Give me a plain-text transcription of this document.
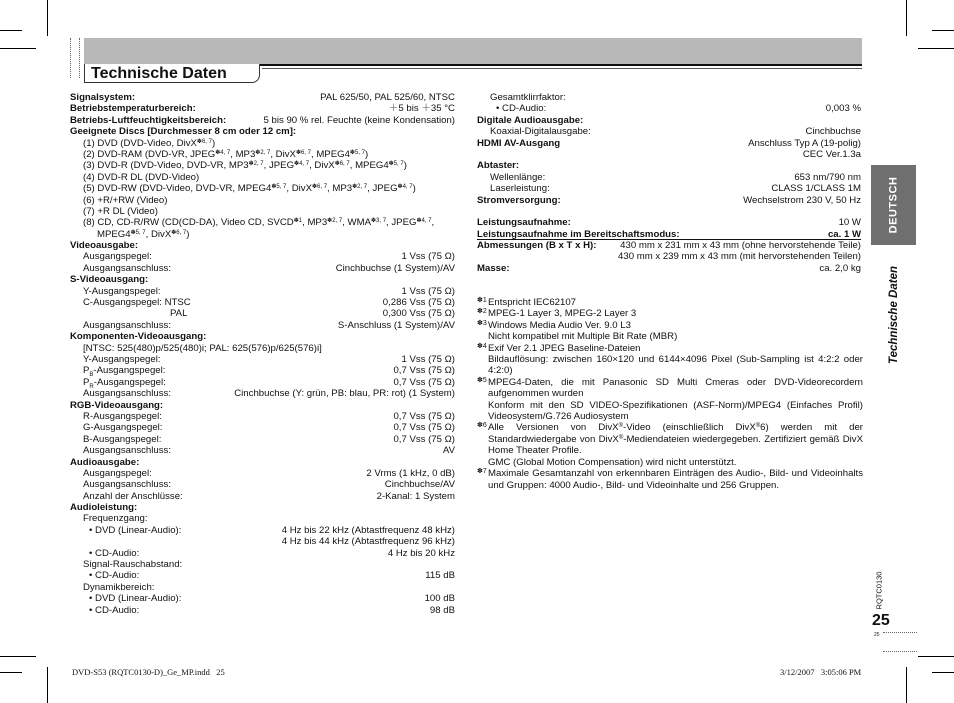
Technische Daten
Signalsystem:	PAL 625/50, PAL 525/60, NTSC
Betriebstemperaturbereich:	＋5 bis ＋35 °C
Betriebs-Luftfeuchtigkeitsbereich:	5 bis 90 % rel. Feuchte (keine Kondensation)
Geeignete Discs [Durchmesser 8 cm oder 12 cm]:
(1) DVD (DVD-Video, DivX$^{✽6, 7}$)
(2) DVD-RAM (DVD-VR, $JPEG^{✽4, 7}$, $MP3^{✽2, 7}$, DivX$^{✽6, 7}$, $MPEG4^{✽5, 7}$)
(3) DVD-R (DVD-Video, DVD-VR, $MP3^{✽2, 7}$, $JPEG^{✽4, 7}$, DivX$^{✽6, 7}$, $MPEG4^{✽5, 7}$)
(4) DVD-R DL (DVD-Video)
(5) DVD-RW (DVD-Video, DVD-VR, $MPEG4^{✽5, 7}$, DivX$^{✽6, 7}$, $MP3^{✽2, 7}$, $JPEG^{✽4, 7}$)
(6) +R/+RW (Video)
(7) +R DL (Video)
(8) CD, CD-R/RW (CD(CD-DA), Video CD, $SVCD^{✽1}$, $MP3^{✽2, 7}$, $WMA^{✽3, 7}$, $JPEG^{✽4, 7}$,
$MPEG4^{✽5, 7}$, DivX$^{✽6, 7}$)
Videoausgabe:
Ausgangspegel:	1 Vss (75 Ω)
Ausgangsanschluss:	Cinchbuchse (1 System)/AV
S-Videoausgang:
Y-Ausgangspegel:	1 Vss (75 Ω)
C-Ausgangspegel: NTSC	0,286 Vss (75 Ω)
PAL	0,300 Vss (75 Ω)
Ausgangsanschluss:	S-Anschluss (1 System)/AV
Komponenten-Videoausgang:
[NTSC: 525(480)p/525(480)i; PAL: 625(576)p/625(576)i]
Y-Ausgangspegel:	1 Vss (75 Ω)
$P_B$-Ausgangspegel:	0,7 Vss (75 Ω)
$P_R$-Ausgangspegel:	0,7 Vss (75 Ω)
Ausgangsanschluss:	Cinchbuchse (Y: grün, PB: blau, PR: rot) (1 System)
RGB-Videoausgang:
R-Ausgangspegel:	0,7 Vss (75 Ω)
G-Ausgangspegel:	0,7 Vss (75 Ω)
B-Ausgangspegel:	0,7 Vss (75 Ω)
Ausgangsanschluss:	AV
Audioausgabe:
Ausgangspegel:	2 Vrms (1 kHz, 0 dB)
Ausgangsanschluss:	Cinchbuchse/AV
Anzahl der Anschlüsse:	2-Kanal: 1 System
Audioleistung:
Frequenzgang:
• DVD (Linear-Audio):	4 Hz bis 22 kHz (Abtastfrequenz 48 kHz)
4 Hz bis 44 kHz (Abtastfrequenz 96 kHz)
• CD-Audio:	4 Hz bis 20 kHz
Signal-Rauschabstand:
• CD-Audio:	115 dB
Dynamikbereich:
• DVD (Linear-Audio):	100 dB
• CD-Audio:	98 dB
Gesamtklirrfaktor:
• CD-Audio:	0,003 %
Digitale Audioausgabe:
Koaxial-Digitalausgabe:	Cinchbuchse
HDMI AV-Ausgang	Anschluss Typ A (19-polig)
CEC Ver.1.3a
Abtaster:
Wellenlänge:	653 nm/790 nm
Laserleistung:	CLASS 1/CLASS 1M
Stromversorgung:	Wechselstrom 230 V, 50 Hz
Leistungsaufnahme:	10 W
Leistungsaufnahme im Bereitschaftsmodus:	ca. 1 W
Abmessungen (B x T x H): 430 mm x 231 mm x 43 mm (ohne hervorstehende Teile)
430 mm x 239 mm x 43 mm (mit hervorstehenden Teilen)
Masse:	ca. 2,0 kg
✽1 Entspricht IEC62107
✽2 MPEG-1 Layer 3, MPEG-2 Layer 3
✽3 Windows Media Audio Ver. 9.0 L3
Nicht kompatibel mit Multiple Bit Rate (MBR)
✽4 Exif Ver 2.1 JPEG Baseline-Dateien
Bildauflösung: zwischen 160×120 und 6144×4096 Pixel (Sub-Sampling ist 4:2:2 oder 4:2:0)
✽5 MPEG4-Daten, die mit Panasonic SD Multi Cmeras oder DVD-Videorecordern aufgenommen wurden
Konform mit den SD VIDEO-Spezifikationen (ASF-Norm)/MPEG4 (Einfaches Profil) Videosystem/G.726 Audiosystem
✽6 Alle Versionen von DivX®-Video (einschließlich DivX®6) werden mit der Standardwiedergabe von DivX®-Mediendateien wiedergegeben. Zertifiziert gemäß DivX Home Theater Profile.
GMC (Global Motion Compensation) wird nicht unterstützt.
✽7 Maximale Gesamtanzahl von erkennbaren Einträgen des Audio-, Bild- und Videoinhalts und Gruppen: 4000 Audio-, Bild- und Videoinhalte und 256 Gruppen.
DEUTSCH
Technische Daten
RQTC0130
25
25
DVD-S53 (RQTC0130-D)_Ge_MP.indd   25	3/12/2007   3:05:06 PM
